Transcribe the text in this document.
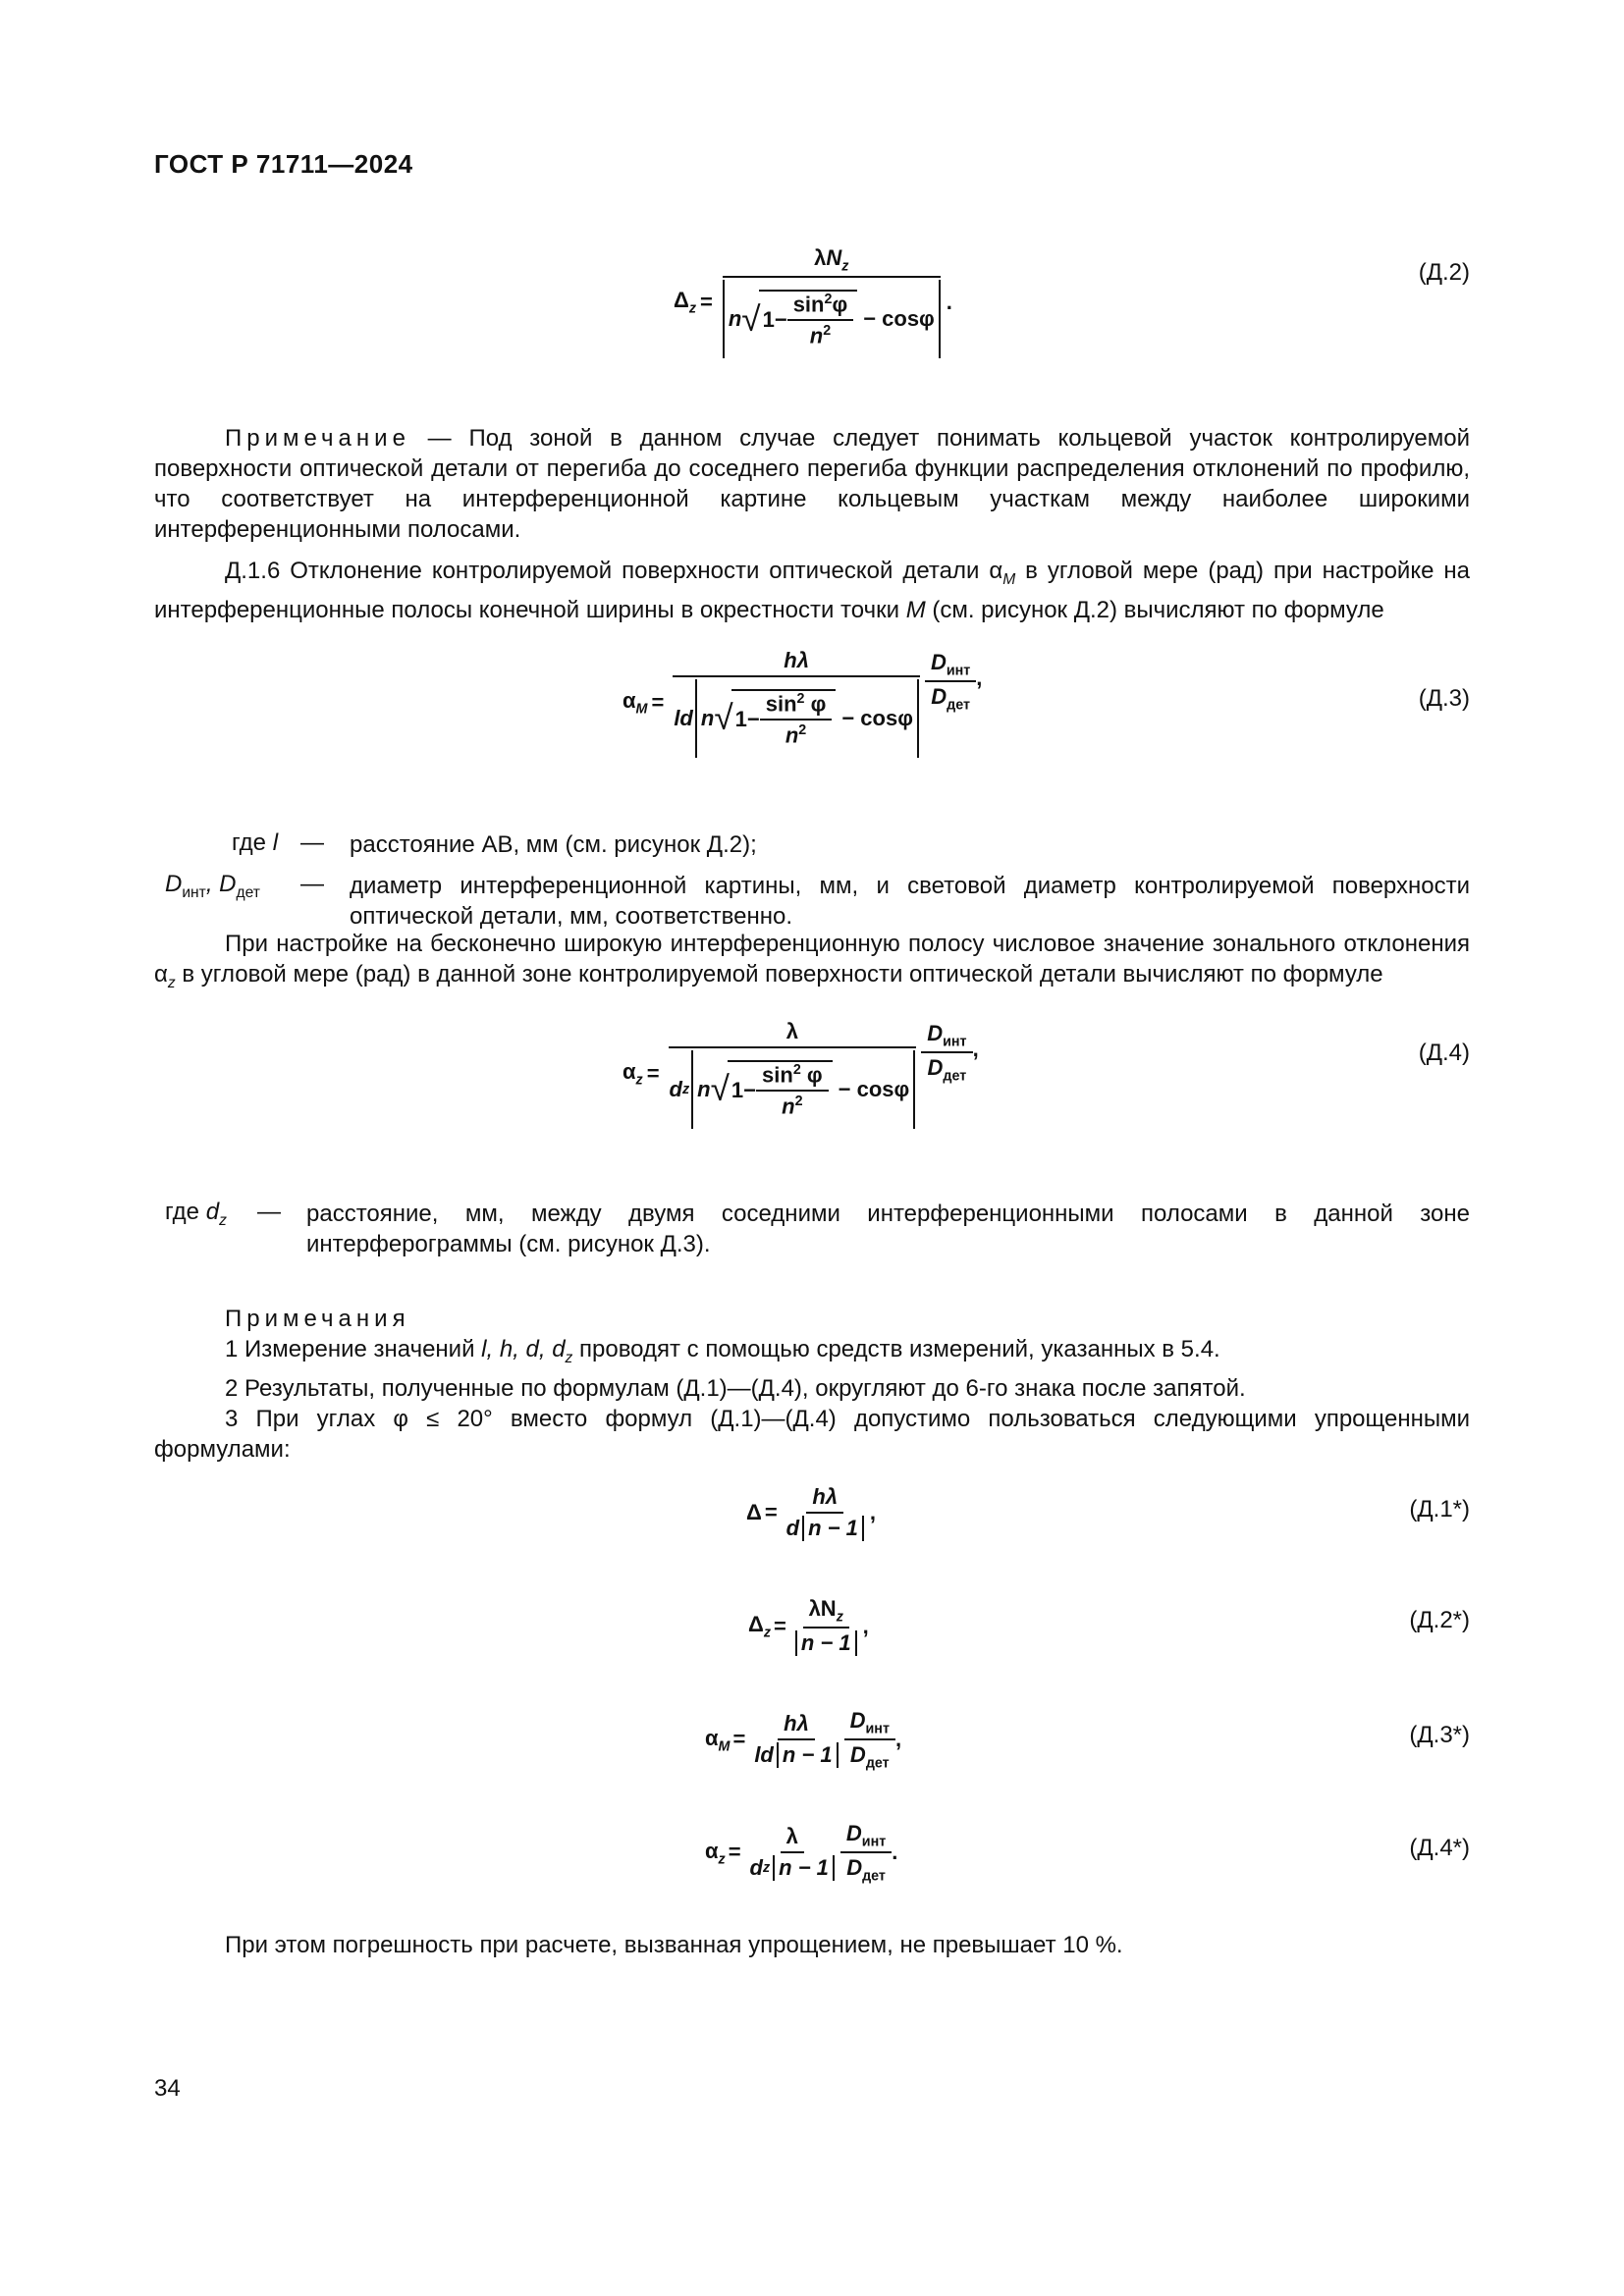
ГОСТ Р 71711—2024
$\Delta_z$ =
$\lambda N_z$
n √ $1- \frac{\sin^2\varphi}{n^2} - \cos\varphi$
.
(Д.2)
Примечание — Под зоной в данном случае следует понимать кольцевой участок контролируемой поверхности оптической детали от перегиба до соседнего перегиба функции распределения отклонений по профилю, что соответствует на интерференционной картине кольцевым участкам между наиболее широкими интерференционными полосами.
Д.1.6 Отклонение контролируемой поверхности оптической детали $\alpha_M$ в угловой мере (рад) при настройке на интерференционные полосы конечной ширины в окрестности точки M (см. рисунок Д.2) вычисляют по формуле
$\alpha_M$ =
hλ
ld n √ $1- \frac{\sin^2 \varphi}{n^2} - \cos\varphi$
$\frac{D_{инт}}{D_{дет}}$ ,
(Д.3)
где l — расстояние АВ, мм (см. рисунок Д.2);
$D_{инт}$, $D_{дет}$ — диаметр интерференционной картины, мм, и световой диаметр контролируемой поверхности оптической детали, мм, соответственно.
При настройке на бесконечно широкую интерференционную полосу числовое значение зонального отклонения $\alpha_z$ в угловой мере (рад) в данной зоне контролируемой поверхности оптической детали вычисляют по формуле
$\alpha_z$ =
λ
d z n √ $1- \frac{\sin^2 \varphi}{n^2} - \cos\varphi$
$\frac{D_{инт}}{D_{дет}}$ ,	(Д.4)
где $d_z$ — расстояние, мм, между двумя соседними интерференционными полосами в данной зоне интерферограммы (см. рисунок Д.3).
Примечания
1 Измерение значений l, h, d, $d_z$ проводят с помощью средств измерений, указанных в 5.4.
2 Результаты, полученные по формулам (Д.1)—(Д.4), округляют до 6-го знака после запятой.
3 При углах φ ≤ 20° вместо формул (Д.1)—(Д.4) допустимо пользоваться следующими упрощенными формулами:
$\Delta = \frac{h\lambda}{\text{d n − 1}}$ ,	(Д.1*)
$\Delta_z = \frac{\lambda N_z}{n - 1}$ ,	(Д.2*)
$\alpha_M = \frac{h\lambda}{\text{ld n − 1}} \frac{D_{инт}}{D_{дет}}$ ,	(Д.3*)
$\alpha_z = \frac{\lambda}{\text{d z n − 1}} \frac{D_{инт}}{D_{дет}}$ .	(Д.4*)
При этом погрешность при расчете, вызванная упрощением, не превышает 10 %.
34
